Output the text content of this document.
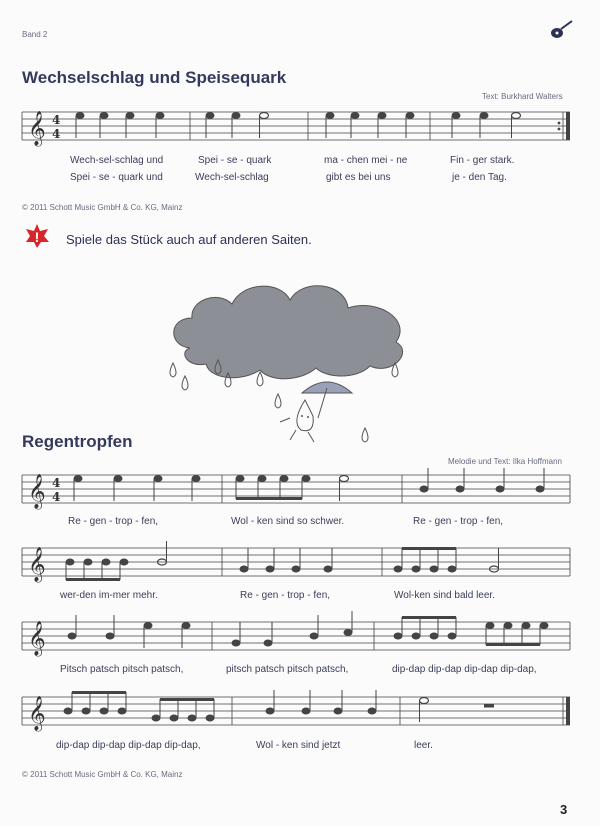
Band 2
Wechselschlag und Speisequark
Text: Burkhard Walters
𝄞 4
4
Wech-sel-schlag und	Spei - se - quark	ma - chen mei - ne	Fin - ger stark.
Spei - se - quark und	Wech-sel-schlag	gibt es bei uns	je - den Tag.
© 2011 Schott Music GmbH & Co. KG, Mainz
! Spiele das Stück auch auf anderen Saiten.
Regentropfen
Melodie und Text: Ilka Hoffmann
𝄞 4
4
𝄞
𝄞
𝄞
Re - gen - trop - fen,	Wol - ken sind so schwer.	Re - gen - trop - fen,
wer-den im-mer mehr.	Re - gen - trop - fen,	Wol-ken sind bald leer.
Pitsch patsch pitsch patsch,	pitsch patsch pitsch patsch,	dip-dap dip-dap dip-dap dip-dap,
dip-dap dip-dap dip-dap dip-dap,	Wol - ken sind jetzt	leer.
© 2011 Schott Music GmbH & Co. KG, Mainz
3
